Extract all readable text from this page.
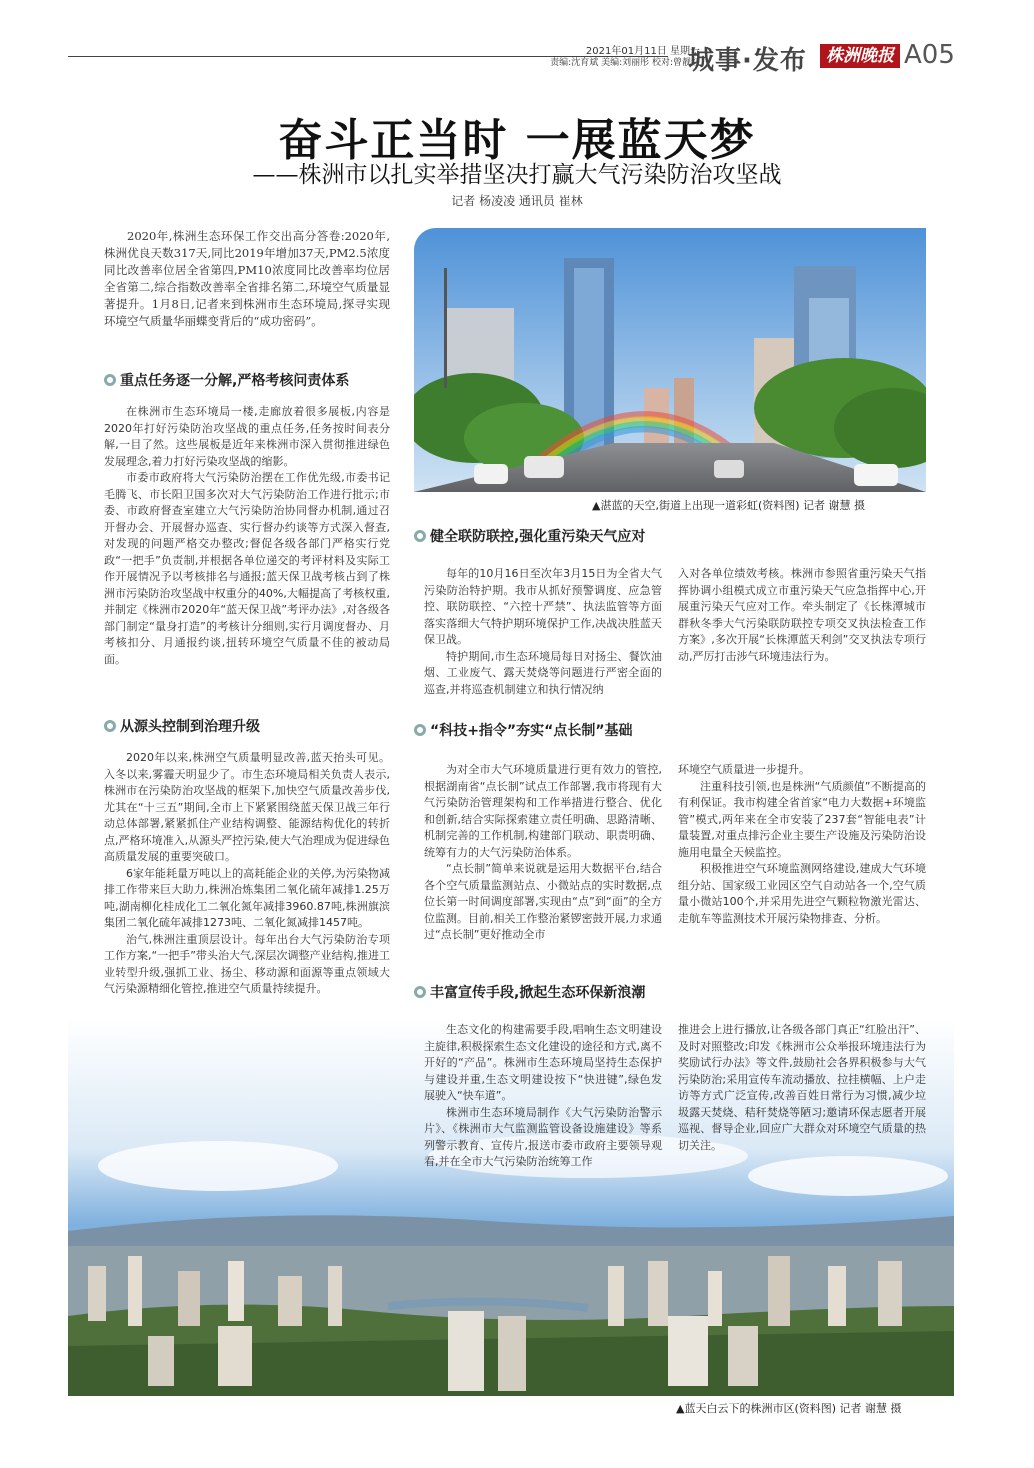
2021年01月11日 星期一
责编:沈育斌 美编:刘丽彤 校对:曾靓红
城事·发布	株洲晚报 A05
奋斗正当时 一展蓝天梦
——株洲市以扎实举措坚决打赢大气污染防治攻坚战
记者 杨凌凌 通讯员 崔林
2020年,株洲生态环保工作交出高分答卷:2020年,株洲优良天数317天,同比2019年增加37天,PM2.5浓度同比改善率位居全省第四,PM10浓度同比改善率均位居全省第二,综合指数改善率全省排名第二,环境空气质量显著提升。1月8日,记者来到株洲市生态环境局,探寻实现环境空气质量华丽蝶变背后的“成功密码”。
▲湛蓝的天空,街道上出现一道彩虹(资料图) 记者 谢慧 摄
重点任务逐一分解,严格考核问责体系

在株洲市生态环境局一楼,走廊放着很多展板,内容是2020年打好污染防治攻坚战的重点任务,任务按时间表分解,一目了然。这些展板是近年来株洲市深入贯彻推进绿色发展理念,着力打好污染攻坚战的缩影。

市委市政府将大气污染防治摆在工作优先级,市委书记毛腾飞、市长阳卫国多次对大气污染防治工作进行批示;市委、市政府督查室建立大气污染防治协同督办机制,通过召开督办会、开展督办巡查、实行督办约谈等方式深入督查,对发现的问题严格交办整改;督促各级各部门严格实行党政“一把手”负责制,并根据各单位递交的考评材料及实际工作开展情况予以考核排名与通报;蓝天保卫战考核占到了株洲市污染防治攻坚战中权重分的40%,大幅提高了考核权重,并制定《株洲市2020年“蓝天保卫战”考评办法》,对各级各部门制定“量身打造”的考核计分细则,实行月调度督办、月考核扣分、月通报约谈,扭转环境空气质量不佳的被动局面。

从源头控制到治理升级

2020年以来,株洲空气质量明显改善,蓝天抬头可见。入冬以来,雾霾天明显少了。市生态环境局相关负责人表示,株洲市在污染防治攻坚战的框架下,加快空气质量改善步伐,尤其在“十三五”期间,全市上下紧紧围绕蓝天保卫战三年行动总体部署,紧紧抓住产业结构调整、能源结构优化的转折点,严格环境准入,从源头严控污染,使大气治理成为促进绿色高质量发展的重要突破口。

6家年能耗量万吨以上的高耗能企业的关停,为污染物减排工作带来巨大助力,株洲冶炼集团二氧化硫年减排1.25万吨,湖南柳化桂成化工二氧化氮年减排3960.87吨,株洲旗滨集团二氧化硫年减排1273吨、二氧化氮减排1457吨。

治气,株洲注重顶层设计。每年出台大气污染防治专项工作方案,“一把手”带头治大气,深层次调整产业结构,推进工业转型升级,强抓工业、扬尘、移动源和面源等重点领域大气污染源精细化管控,推进空气质量持续提升。

健全联防联控,强化重污染天气应对

每年的10月16日至次年3月15日为全省大气污染防治特护期。我市从抓好预警调度、应急管控、联防联控、“六控十严禁”、执法监管等方面落实落细大气特护期环境保护工作,决战决胜蓝天保卫战。

特护期间,市生态环境局每日对扬尘、餐饮油烟、工业废气、露天焚烧等问题进行严密全面的巡查,并将巡查机制建立和执行情况纳

入对各单位绩效考核。株洲市参照省重污染天气指挥协调小组模式成立市重污染天气应急指挥中心,开展重污染天气应对工作。牵头制定了《长株潭城市群秋冬季大气污染联防联控专项交叉执法检查工作方案》,多次开展“长株潭蓝天利剑”交叉执法专项行动,严厉打击涉气环境违法行为。

“科技+指令”夯实“点长制”基础

为对全市大气环境质量进行更有效力的管控,根据湖南省“点长制”试点工作部署,我市将现有大气污染防治管理架构和工作举措进行整合、优化和创新,结合实际探索建立责任明确、思路清晰、机制完善的工作机制,构建部门联动、职责明确、统筹有力的大气污染防治体系。

“点长制”简单来说就是运用大数据平台,结合各个空气质量监测站点、小微站点的实时数据,点位长第一时间调度部署,实现由“点”到“面”的全方位监测。目前,相关工作整治紧锣密鼓开展,力求通过“点长制”更好推动全市

环境空气质量进一步提升。

注重科技引领,也是株洲“气质颜值”不断提高的有利保证。我市构建全省首家“电力大数据+环境监管”模式,两年来在全市安装了237套“智能电表”计量装置,对重点排污企业主要生产设施及污染防治设施用电量全天候监控。

积极推进空气环境监测网络建设,建成大气环境组分站、国家级工业园区空气自动站各一个,空气质量小微站100个,并采用先进空气颗粒物激光雷达、走航车等监测技术开展污染物排查、分析。

▲蓝天白云下的株洲市区(资料图) 记者 谢慧 摄
丰富宣传手段,掀起生态环保新浪潮

生态文化的构建需要手段,唱响生态文明建设主旋律,积极探索生态文化建设的途径和方式,离不开好的“产品”。株洲市生态环境局坚持生态保护与建设并重,生态文明建设按下“快进键”,绿色发展驶入“快车道”。

株洲市生态环境局制作《大气污染防治警示片》、《株洲市大气监测监管设备设施建设》等系列警示教育、宣传片,报送市委市政府主要领导观看,并在全市大气污染防治统筹工作

推进会上进行播放,让各级各部门真正“红脸出汗”、及时对照整改;印发《株洲市公众举报环境违法行为奖励试行办法》等文件,鼓励社会各界积极参与大气污染防治;采用宣传车流动播放、拉挂横幅、上户走访等方式广泛宣传,改善百姓日常行为习惯,减少垃圾露天焚烧、秸秆焚烧等陋习;邀请环保志愿者开展巡视、督导企业,回应广大群众对环境空气质量的热切关注。
